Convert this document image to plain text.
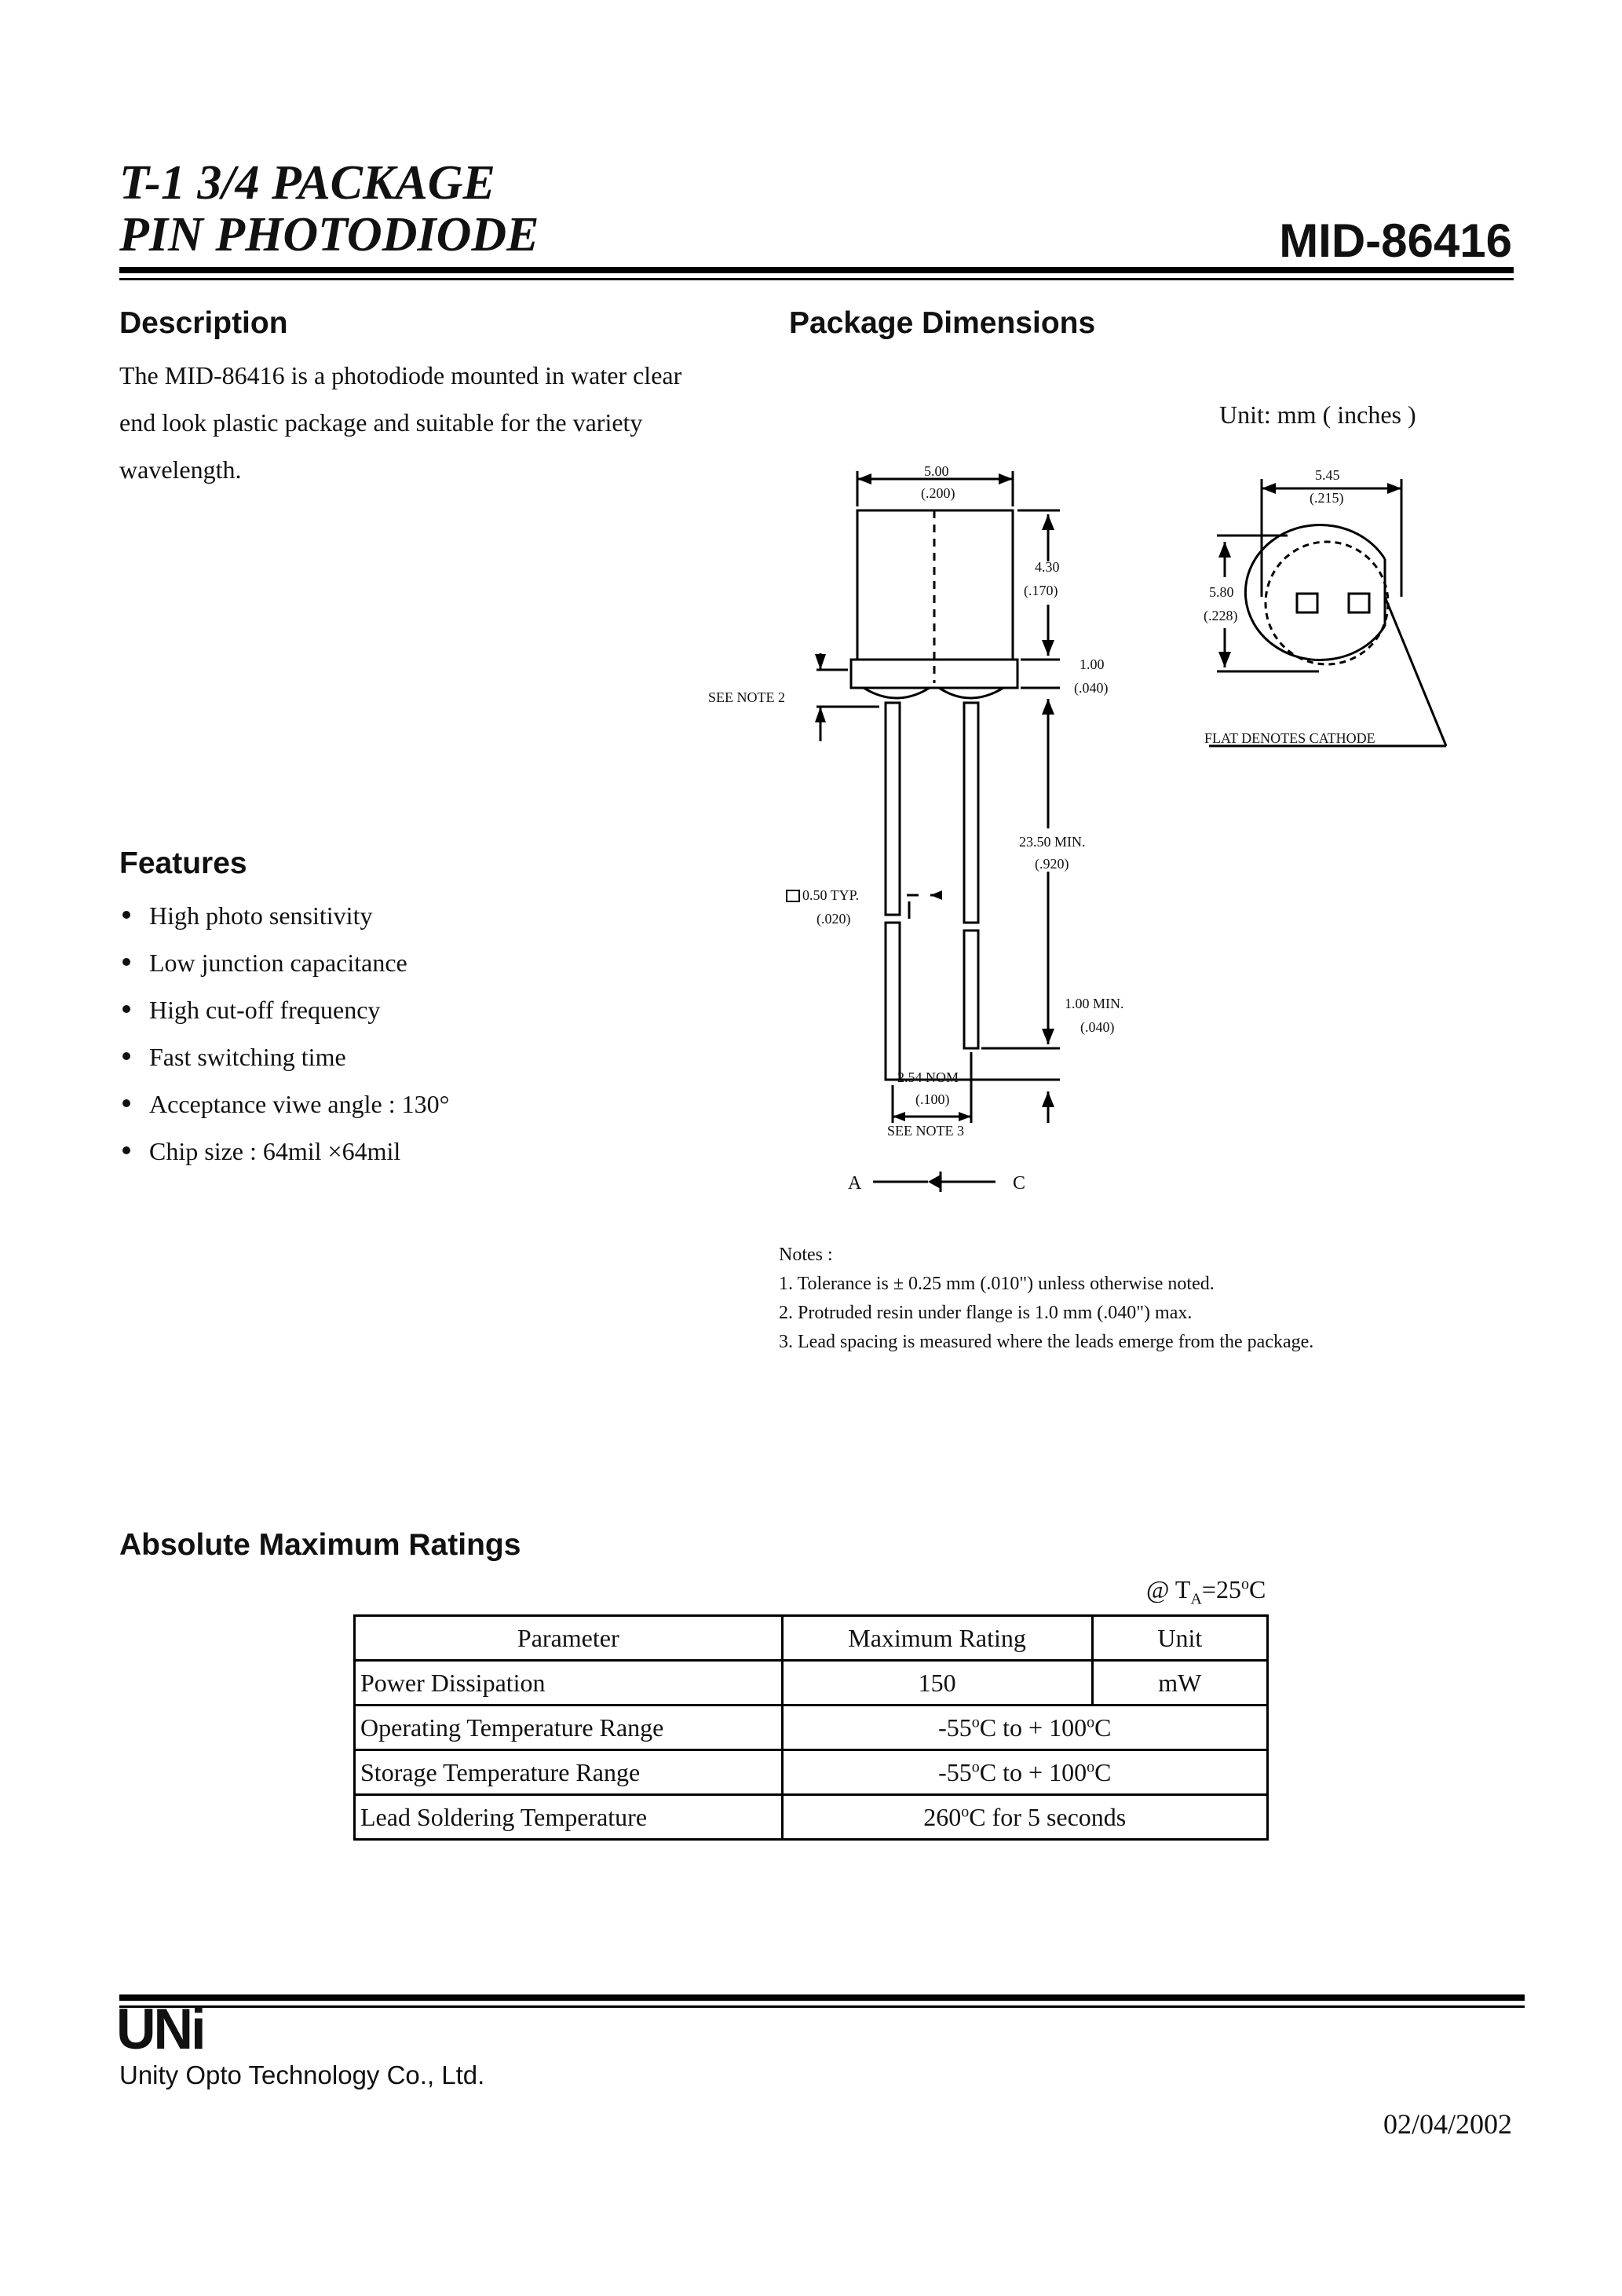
T-1 3/4 PACKAGE
PIN PHOTODIODE	MID-86416
Description
The MID-86416 is a photodiode mounted in water clear
end look plastic package and suitable for the variety
wavelength.
Features
High photo sensitivity
Low junction capacitance
High cut-off frequency
Fast switching time
Acceptance viwe angle : 130°
Chip size : 64mil ×64mil
Package Dimensions
Unit: mm ( inches )
5.00
(.200)
4.30
(.170)
1.00
(.040)
SEE NOTE 2
23.50 MIN.
(.920)
0.50 TYP.
(.020)
1.00 MIN.
(.040)
2.54 NOM
(.100)
SEE NOTE 3
A	C
5.45
(.215)
5.80
(.228)
FLAT DENOTES CATHODE
Notes :
1. Tolerance is ± 0.25 mm (.010") unless otherwise noted.
2. Protruded resin under flange is 1.0 mm (.040") max.
3. Lead spacing is measured where the leads emerge from the package.
Absolute Maximum Ratings
@ $T_A=25^oC$
Parameter	Maximum Rating	Unit
Power Dissipation	150	mW
Operating Temperature Range	-55$^o$C to + $100^oC$	
Storage Temperature Range	-55$^o$C to + $100^oC$	
Lead Soldering Temperature	260$^o$C for 5 seconds	
UNi
Unity Opto Technology Co., Ltd.
02/04/2002
